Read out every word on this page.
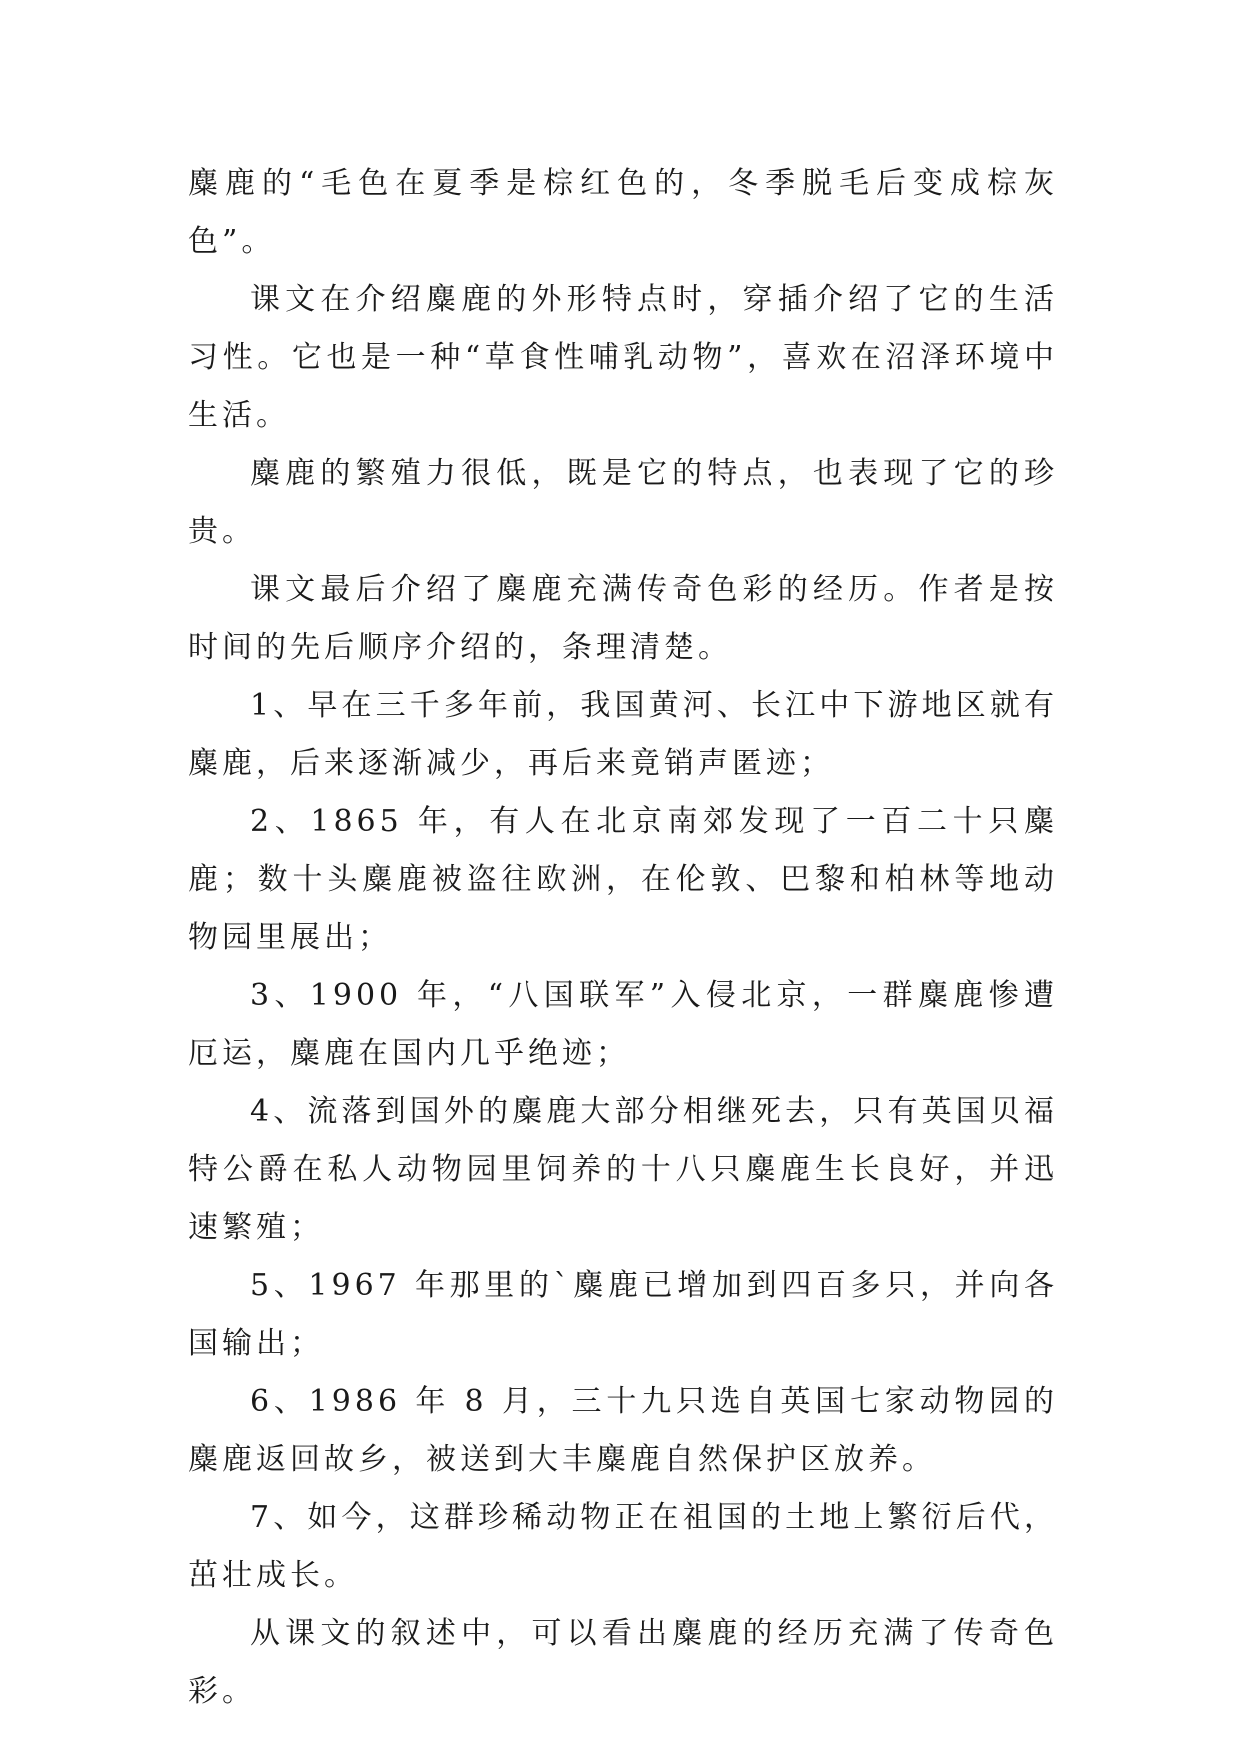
麋鹿的“毛色在夏季是棕红色的，冬季脱毛后变成棕灰色”。

课文在介绍麋鹿的外形特点时，穿插介绍了它的生活习性。它也是一种“草食性哺乳动物”，喜欢在沼泽环境中生活。

麋鹿的繁殖力很低，既是它的特点，也表现了它的珍贵。

课文最后介绍了麋鹿充满传奇色彩的经历。作者是按时间的先后顺序介绍的，条理清楚。

1、早在三千多年前，我国黄河、长江中下游地区就有麋鹿，后来逐渐减少，再后来竟销声匿迹；

2、1865 年，有人在北京南郊发现了一百二十只麋鹿；数十头麋鹿被盗往欧洲，在伦敦、巴黎和柏林等地动物园里展出；

3、1900 年，“八国联军”入侵北京，一群麋鹿惨遭厄运，麋鹿在国内几乎绝迹；

4、流落到国外的麋鹿大部分相继死去，只有英国贝福特公爵在私人动物园里饲养的十八只麋鹿生长良好，并迅速繁殖；

5、1967 年那里的`麋鹿已增加到四百多只，并向各国输出；

6、1986 年 8 月，三十九只选自英国七家动物园的麋鹿返回故乡，被送到大丰麋鹿自然保护区放养。

7、如今，这群珍稀动物正在祖国的土地上繁衍后代，茁壮成长。

从课文的叙述中，可以看出麋鹿的经历充满了传奇色彩。
